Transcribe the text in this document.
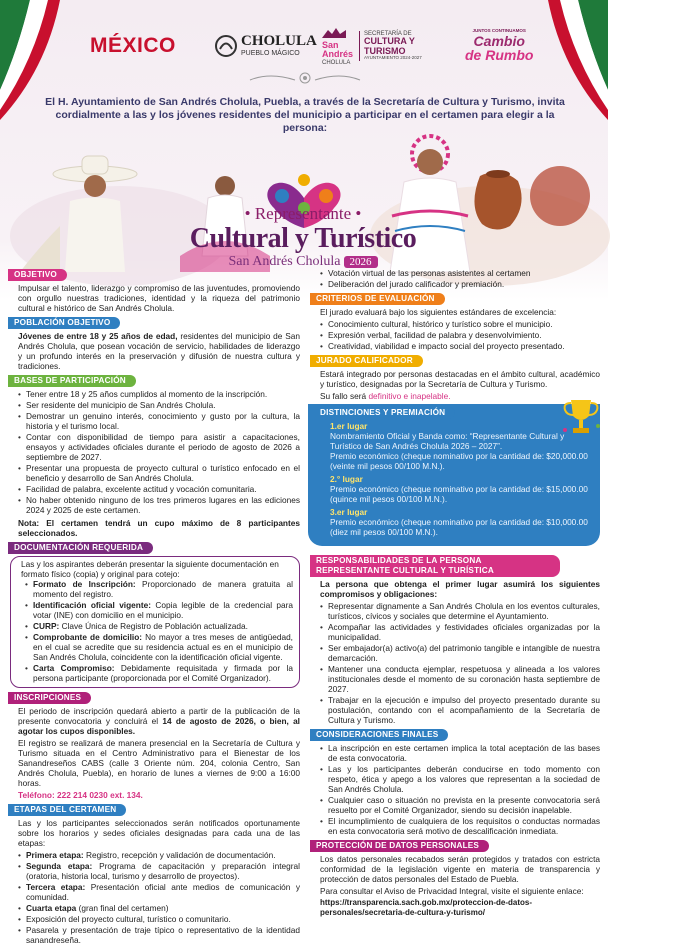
MÉXICO	CHOLULA
PUEBLO MÁGICO
San
Andrés
CHOLULA
SECRETARÍA DE
CULTURA Y
TURISMO
AYUNTAMIENTO 2024-2027
JUNTOS CONTINUAMOS
Cambio
de Rumbo
El H. Ayuntamiento de San Andrés Cholula, Puebla, a través de la Secretaría de Cultura y Turismo, invita cordialmente a las y los jóvenes residentes del municipio a participar en el certamen para elegir a la persona:
• Representante •
Cultural y Turístico
San Andrés Cholula 2026
OBJETIVO
Impulsar el talento, liderazgo y compromiso de las juventudes, promoviendo con orgullo nuestras tradiciones, identidad y la riqueza del patrimonio cultural e histórico de San Andrés Cholula.
POBLACIÓN OBJETIVO
Jóvenes de entre 18 y 25 años de edad, residentes del municipio de San Andrés Cholula, que posean vocación de servicio, habilidades de liderazgo y un profundo interés en la preservación y difusión de nuestra cultura y tradiciones.
BASES DE PARTICIPACIÓN
• Tener entre 18 y 25 años cumplidos al momento de la inscripción.
• Ser residente del municipio de San Andrés Cholula.
• Demostrar un genuino interés, conocimiento y gusto por la cultura, la historia y el turismo local.
• Contar con disponibilidad de tiempo para asistir a capacitaciones, ensayos y actividades oficiales durante el periodo de agosto de 2026 a septiembre de 2027.
• Presentar una propuesta de proyecto cultural o turístico enfocado en el beneficio y desarrollo de San Andrés Cholula.
• Facilidad de palabra, excelente actitud y vocación comunitaria.
• No haber obtenido ninguno de los tres primeros lugares en las ediciones 2024 y 2025 de este certamen.

Nota: El certamen tendrá un cupo máximo de 8 participantes seleccionados.

DOCUMENTACIÓN REQUERIDA

Las y los aspirantes deberán presentar la siguiente documentación en formato físico (copia) y original para cotejo:

• Formato de Inscripción: Proporcionado de manera gratuita al momento del registro.
• Identificación oficial vigente: Copia legible de la credencial para votar (INE) con domicilio en el municipio.
• CURP: Clave Única de Registro de Población actualizada.
• Comprobante de domicilio: No mayor a tres meses de antigüedad, en el cual se acredite que su residencia actual es en el municipio de San Andrés Cholula, coincidente con la identificación oficial vigente.
• Carta Compromiso: Debidamente requisitada y firmada por la persona participante (proporcionada por el Comité Organizador).
INSCRIPCIONES

El periodo de inscripción quedará abierto a partir de la publicación de la presente convocatoria y concluirá el 14 de agosto de 2026, o bien, al agotar los cupos disponibles.

El registro se realizará de manera presencial en la Secretaría de Cultura y Turismo situada en el Centro Administrativo para el Bienestar de los Sanandreseños CABS (calle 3 Oriente núm. 204, colonia Centro, San Andrés Cholula, Puebla), en horario de lunes a viernes de 9:00 a 16:00 horas.

Teléfono: 222 214 0230 ext. 134.

ETAPAS DEL CERTAMEN

Las y los participantes seleccionados serán notificados oportunamente sobre los horarios y sedes oficiales designadas para cada una de las etapas:

• Primera etapa: Registro, recepción y validación de documentación.
• Segunda etapa: Programa de capacitación y preparación integral (oratoria, historia local, turismo y desarrollo de proyectos).
• Tercera etapa: Presentación oficial ante medios de comunicación y comunidad.
• Cuarta etapa (gran final del certamen)
• Exposición del proyecto cultural, turístico o comunitario.
• Pasarela y presentación de traje típico o representativo de la identidad sanandreseña.
• Votación virtual de las personas asistentes al certamen
• Deliberación del jurado calificador y premiación.
CRITERIOS DE EVALUACIÓN

El jurado evaluará bajo los siguientes estándares de excelencia:

• Conocimiento cultural, histórico y turístico sobre el municipio.
• Expresión verbal, facilidad de palabra y desenvolvimiento.
• Creatividad, viabilidad e impacto social del proyecto presentado.
JURADO CALIFICADOR

Estará integrado por personas destacadas en el ámbito cultural, académico y turístico, designadas por la Secretaría de Cultura y Turismo.

Su fallo será definitivo e inapelable.

DISTINCIONES Y PREMIACIÓN
1.er lugar
Nombramiento Oficial y Banda como: “Representante Cultural y Turístico de San Andrés Cholula 2026 – 2027”.
Premio económico (cheque nominativo por la cantidad de: $20,000.00 (veinte mil pesos 00/100 M.N.).
2.° lugar
Premio económico (cheque nominativo por la cantidad de: $15,000.00 (quince mil pesos 00/100 M.N.).
3.er lugar
Premio económico (cheque nominativo por la cantidad de: $10,000.00 (diez mil pesos 00/100 M.N.).
RESPONSABILIDADES DE LA PERSONA REPRESENTANTE CULTURAL Y TURÍSTICA

La persona que obtenga el primer lugar asumirá los siguientes compromisos y obligaciones:

• Representar dignamente a San Andrés Cholula en los eventos culturales, turísticos, cívicos y sociales que determine el Ayuntamiento.
• Acompañar las actividades y festividades oficiales organizadas por la municipalidad.
• Ser embajador(a) activo(a) del patrimonio tangible e intangible de nuestra demarcación.
• Mantener una conducta ejemplar, respetuosa y alineada a los valores institucionales desde el momento de su coronación hasta septiembre de 2027.
• Trabajar en la ejecución e impulso del proyecto presentado durante su postulación, contando con el acompañamiento de la Secretaría de Cultura y Turismo.
CONSIDERACIONES FINALES
• La inscripción en este certamen implica la total aceptación de las bases de esta convocatoria.
• Las y los participantes deberán conducirse en todo momento con respeto, ética y apego a los valores que representan a la sociedad de San Andrés Cholula.
• Cualquier caso o situación no prevista en la presente convocatoria será resuelto por el Comité Organizador, siendo su decisión inapelable.
• El incumplimiento de cualquiera de los requisitos o conductas normadas en esta convocatoria será motivo de descalificación inmediata.
PROTECCIÓN DE DATOS PERSONALES

Los datos personales recabados serán protegidos y tratados con estricta conformidad de la legislación vigente en materia de transparencia y protección de datos personales del Estado de Puebla.

Para consultar el Aviso de Privacidad Integral, visite el siguiente enlace:

https://transparencia.sach.gob.mx/proteccion-de-datos-personales/secretaria-de-cultura-y-turismo/
